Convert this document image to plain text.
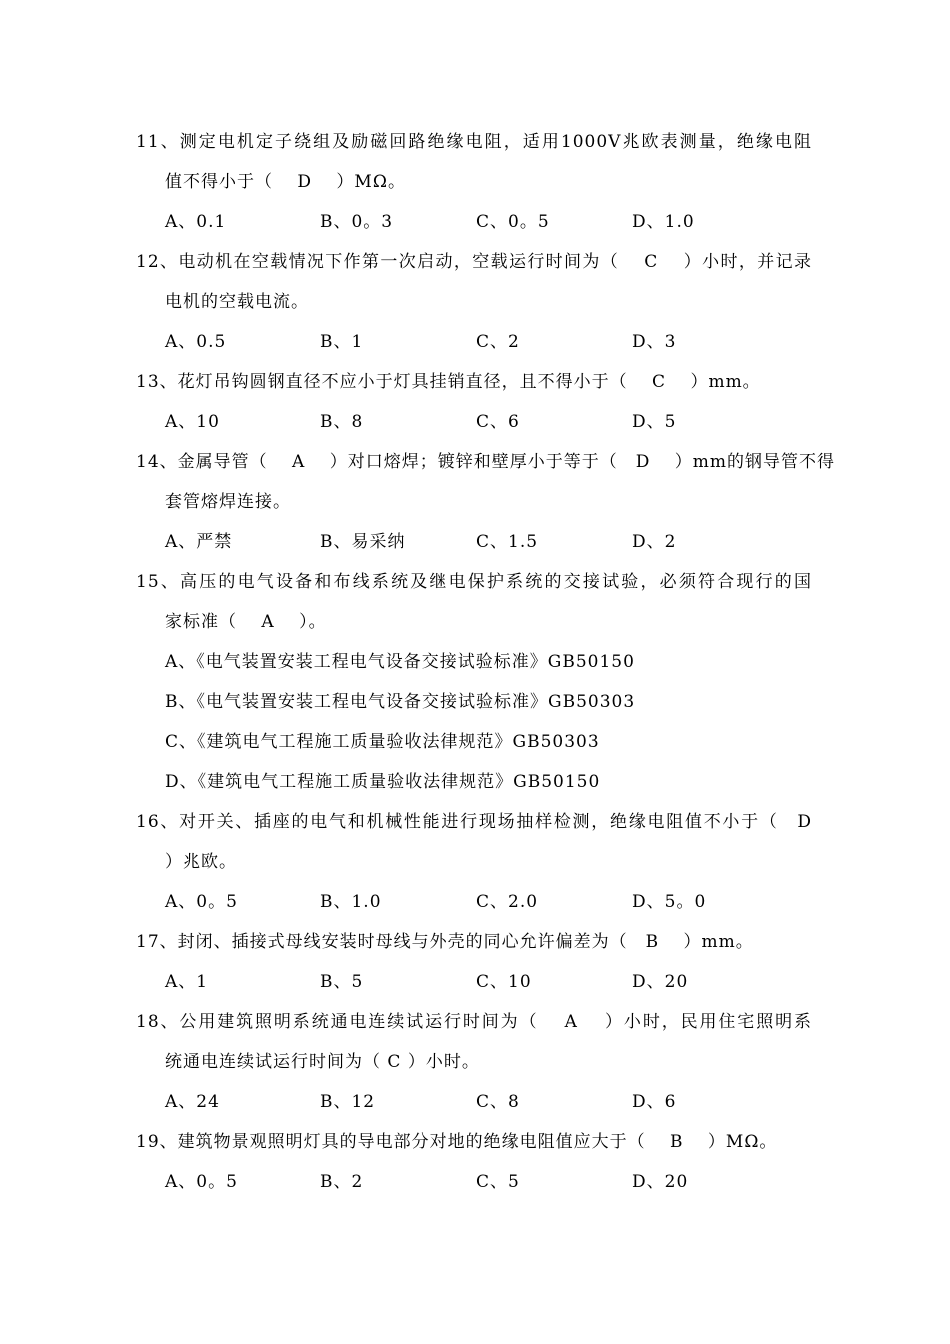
11、测定电机定子绕组及励磁回路绝缘电阻，适用1000V兆欧表测量，绝缘电阻
值不得小于（　 D　 ）MΩ。
A、0.1	B、0。3	C、0。5	D、1.0
12、电动机在空载情况下作第一次启动，空载运行时间为（　 C　 ）小时，并记录
电机的空载电流。
A、0.5	B、1	C、2	D、3
13、花灯吊钩圆钢直径不应小于灯具挂销直径，且不得小于（　 C　 ）mm。
A、10	B、8	C、6	D、5
14、金属导管（　 A　 ）对口熔焊；镀锌和壁厚小于等于（　D　 ）mm的钢导管不得
套管熔焊连接。
A、严禁	B、易采纳	C、1.5	D、2
15、高压的电气设备和布线系统及继电保护系统的交接试验，必须符合现行的国
家标准（　 A　 ）。
A、《电气装置安装工程电气设备交接试验标准》GB50150
B、《电气装置安装工程电气设备交接试验标准》GB50303
C、《建筑电气工程施工质量验收法律规范》GB50303
D、《建筑电气工程施工质量验收法律规范》GB50150
16、对开关、插座的电气和机械性能进行现场抽样检测，绝缘电阻值不小于（　D
）兆欧。
A、0。5	B、1.0	C、2.0	D、5。0
17、封闭、插接式母线安装时母线与外壳的同心允许偏差为（　B　 ）mm。
A、1	B、5	C、10	D、20
18、公用建筑照明系统通电连续试运行时间为（　 A　 ）小时，民用住宅照明系
统通电连续试运行时间为（ C ）小时。
A、24	B、12	C、8	D、6
19、建筑物景观照明灯具的导电部分对地的绝缘电阻值应大于（　 B　 ）MΩ。
A、0。5	B、2	C、5	D、20
